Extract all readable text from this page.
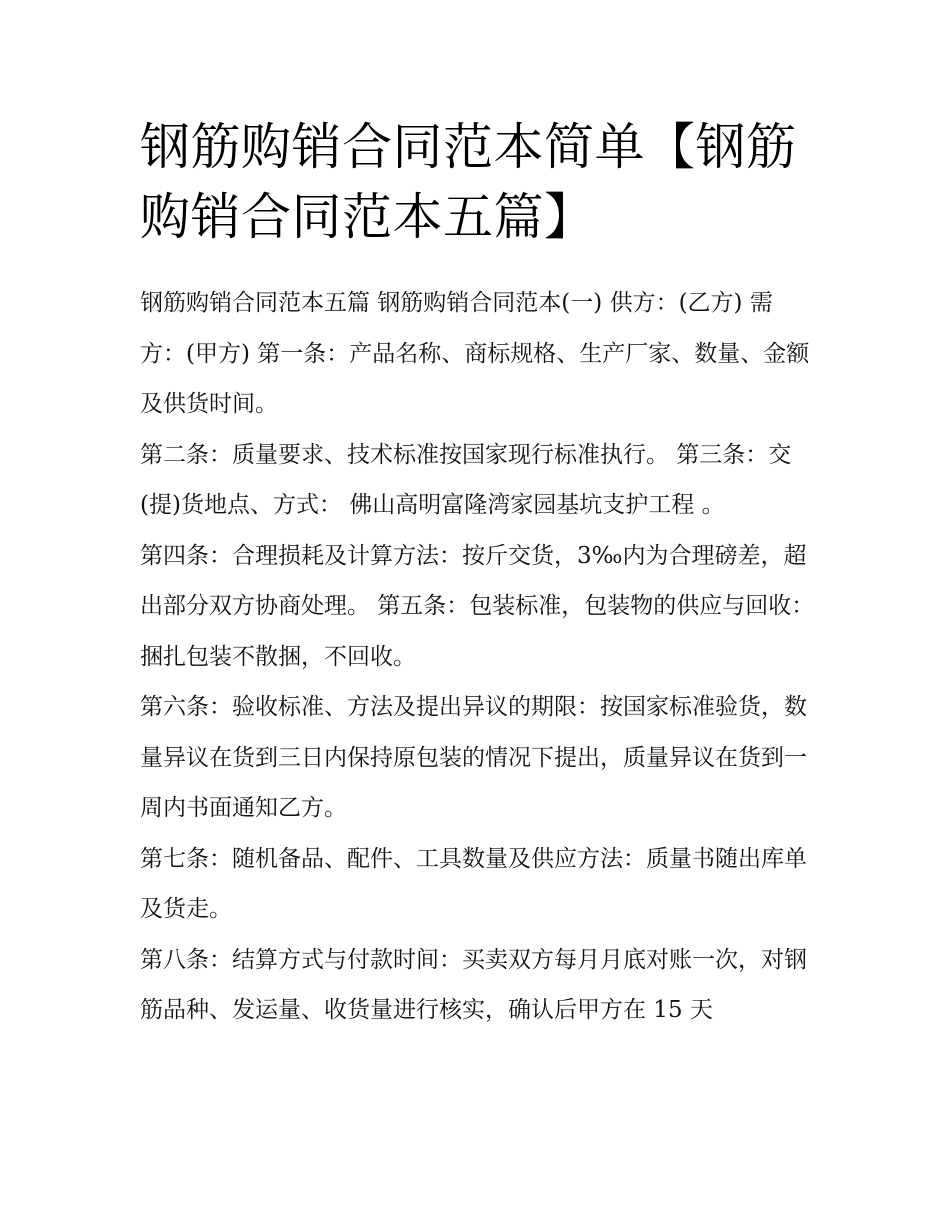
钢筋购销合同范本简单【钢筋购销合同范本五篇】

钢筋购销合同范本五篇 钢筋购销合同范本(一) 供方：(乙方) 需方：(甲方) 第一条：产品名称、商标规格、生产厂家、数量、金额及供货时间。

第二条：质量要求、技术标准按国家现行标准执行。 第三条：交(提)货地点、方式： 佛山高明富隆湾家园基坑支护工程 。

第四条：合理损耗及计算方法：按斤交货，3‰内为合理磅差，超出部分双方协商处理。 第五条：包装标准，包装物的供应与回收：捆扎包装不散捆，不回收。

第六条：验收标准、方法及提出异议的期限：按国家标准验货，数量异议在货到三日内保持原包装的情况下提出，质量异议在货到一周内书面通知乙方。

第七条：随机备品、配件、工具数量及供应方法：质量书随出库单及货走。

第八条：结算方式与付款时间：买卖双方每月月底对账一次，对钢筋品种、发运量、收货量进行核实，确认后甲方在 15 天
